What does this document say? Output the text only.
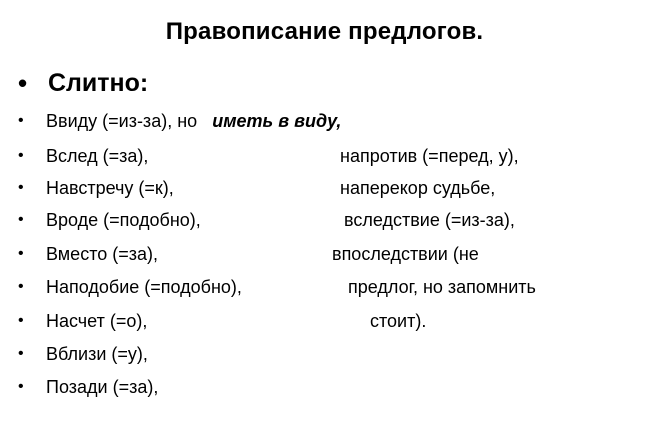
Правописание предлогов.
• Слитно:
• Ввиду (=из-за), но иметь в виду,
• Вслед (=за),	напротив (=перед, у),
• Навстречу (=к),	наперекор судьбе,
• Вроде (=подобно),	вследствие (=из-за),
• Вместо (=за),	впоследствии (не
• Наподобие (=подобно),	предлог, но запомнить
• Насчет (=о),	стоит).
• Вблизи (=у),
• Позади (=за),
